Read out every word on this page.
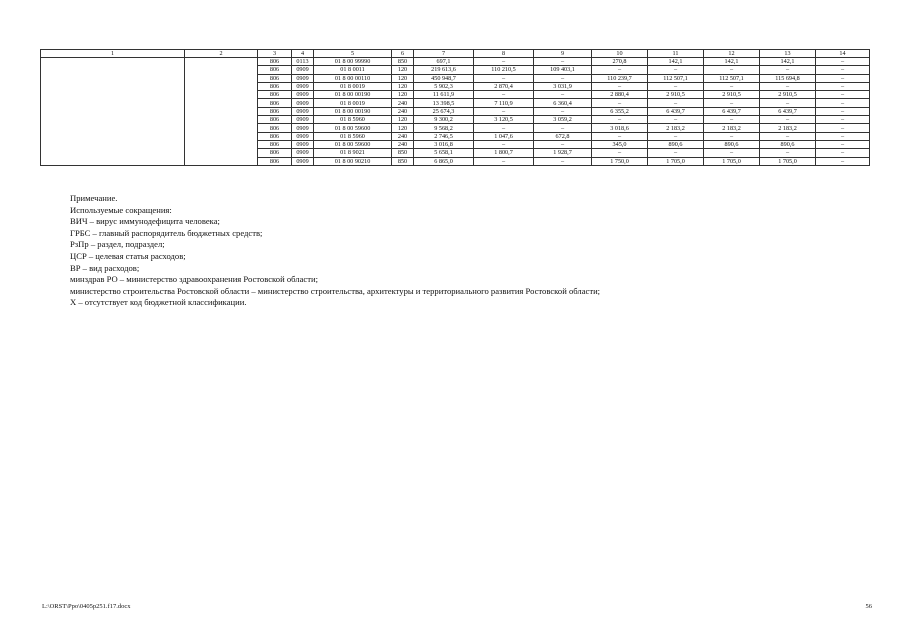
1	2	3	4	5	6	7	8	9	10	11	12	13	14
		806	0113	01 8 00 99990	850	697,1	–	–	270,8	142,1	142,1	142,1	–
		806	0909	01 8 0011	120	219 613,6	110 210,5	109 403,1	–	–	–	–	–
		806	0909	01 8 00 00110	120	450 948,7	–	–	110 239,7	112 507,1	112 507,1	115 694,8	–
		806	0909	01 8 0019	120	5 902,3	2 870,4	3 031,9	–	–	–	–	–
		806	0909	01 8 00 00190	120	11 611,9	–	–	2 880,4	2 910,5	2 910,5	2 910,5	–
		806	0909	01 8 0019	240	13 398,5	7 110,9	6 360,4	–	–	–	–	–
		806	0909	01 8 00 00190	240	25 674,3	–	–	6 355,2	6 439,7	6 439,7	6 439,7	–
		806	0909	01 8 5960	120	9 300,2	3 120,5	3 059,2	–	–	–	–	–
		806	0909	01 8 00 59600	120	9 568,2	–	–	3 018,6	2 183,2	2 183,2	2 183,2	–
		806	0909	01 8 5960	240	2 746,5	1 047,6	672,8	–	–	–	–	–
		806	0909	01 8 00 59600	240	3 016,8	–	–	345,0	890,6	890,6	890,6	–
		806	0909	01 8 9021	850	5 658,1	1 800,7	1 928,7	–	–	–	–	–
		806	0909	01 8 00 90210	850	6 865,0	–	–	1 750,0	1 705,0	1 705,0	1 705,0	–
Примечание.
Используемые сокращения:
ВИЧ – вирус иммунодефицита человека;
ГРБС – главный распорядитель бюджетных средств;
РзПр – раздел, подраздел;
ЦСР – целевая статья расходов;
ВР – вид расходов;
минздрав РО – министерство здравоохранения Ростовской области;
министерство строительства Ростовской области – министерство строительства, архитектуры и территориального развития Ростовской области;
Х – отсутствует код бюджетной классификации.
L:\ORST\Ppo\0405p251.f17.docx	56
